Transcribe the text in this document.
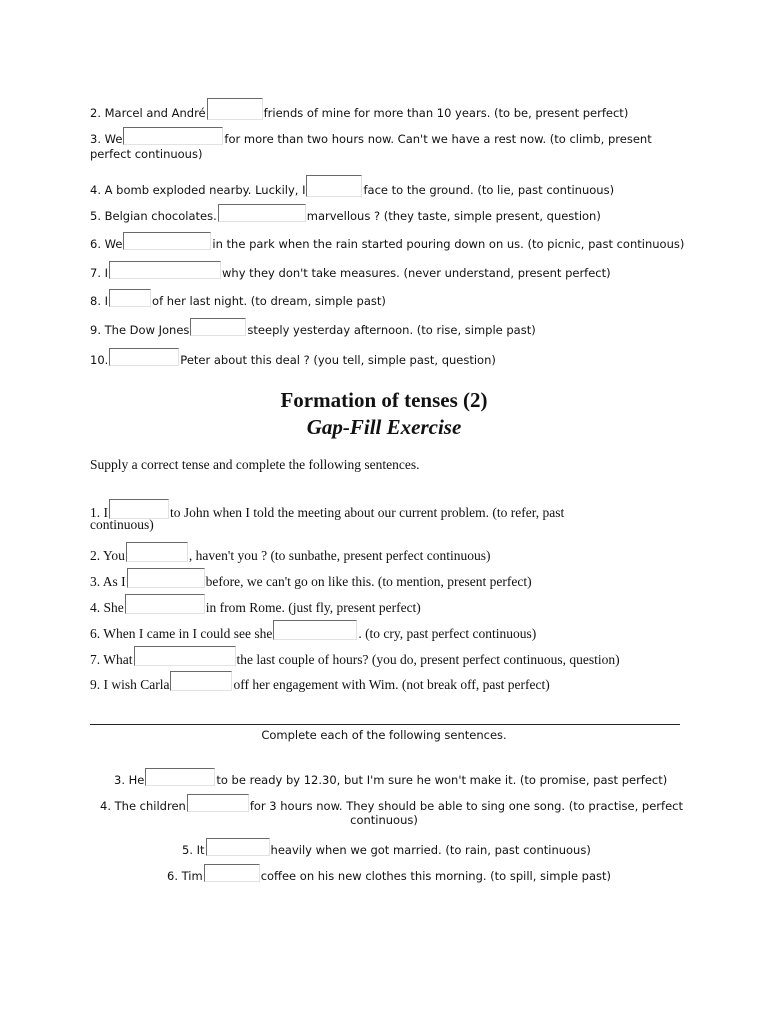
2. Marcel and André	friends of mine for more than 10 years. (to be, present perfect)
3. We	for more than two hours now. Can't we have a rest now. (to climb, present
perfect continuous)
4. A bomb exploded nearby. Luckily, I	face to the ground. (to lie, past continuous)
5. Belgian chocolates.	marvellous ? (they taste, simple present, question)
6. We	in the park when the rain started pouring down on us. (to picnic, past continuous)
7. I	why they don't take measures. (never understand, present perfect)
8. I	of her last night. (to dream, simple past)
9. The Dow Jones	steeply yesterday afternoon. (to rise, simple past)
10.	Peter about this deal ? (you tell, simple past, question)
Formation of tenses (2)
Gap-Fill Exercise
Supply a correct tense and complete the following sentences.
1. I	to John when I told the meeting about our current problem. (to refer, past
continuous)
2. You	, haven't you ? (to sunbathe, present perfect continuous)
3. As I	before, we can't go on like this. (to mention, present perfect)
4. She	in from Rome. (just fly, present perfect)
6. When I came in I could see she	. (to cry, past perfect continuous)
7. What	the last couple of hours? (you do, present perfect continuous, question)
9. I wish Carla	off her engagement with Wim. (not break off, past perfect)
Complete each of the following sentences.
3. He	to be ready by 12.30, but I'm sure he won't make it. (to promise, past perfect)
4. The children	for 3 hours now. They should be able to sing one song. (to practise, perfect
continuous)
5. It	heavily when we got married. (to rain, past continuous)
6. Tim	coffee on his new clothes this morning. (to spill, simple past)
